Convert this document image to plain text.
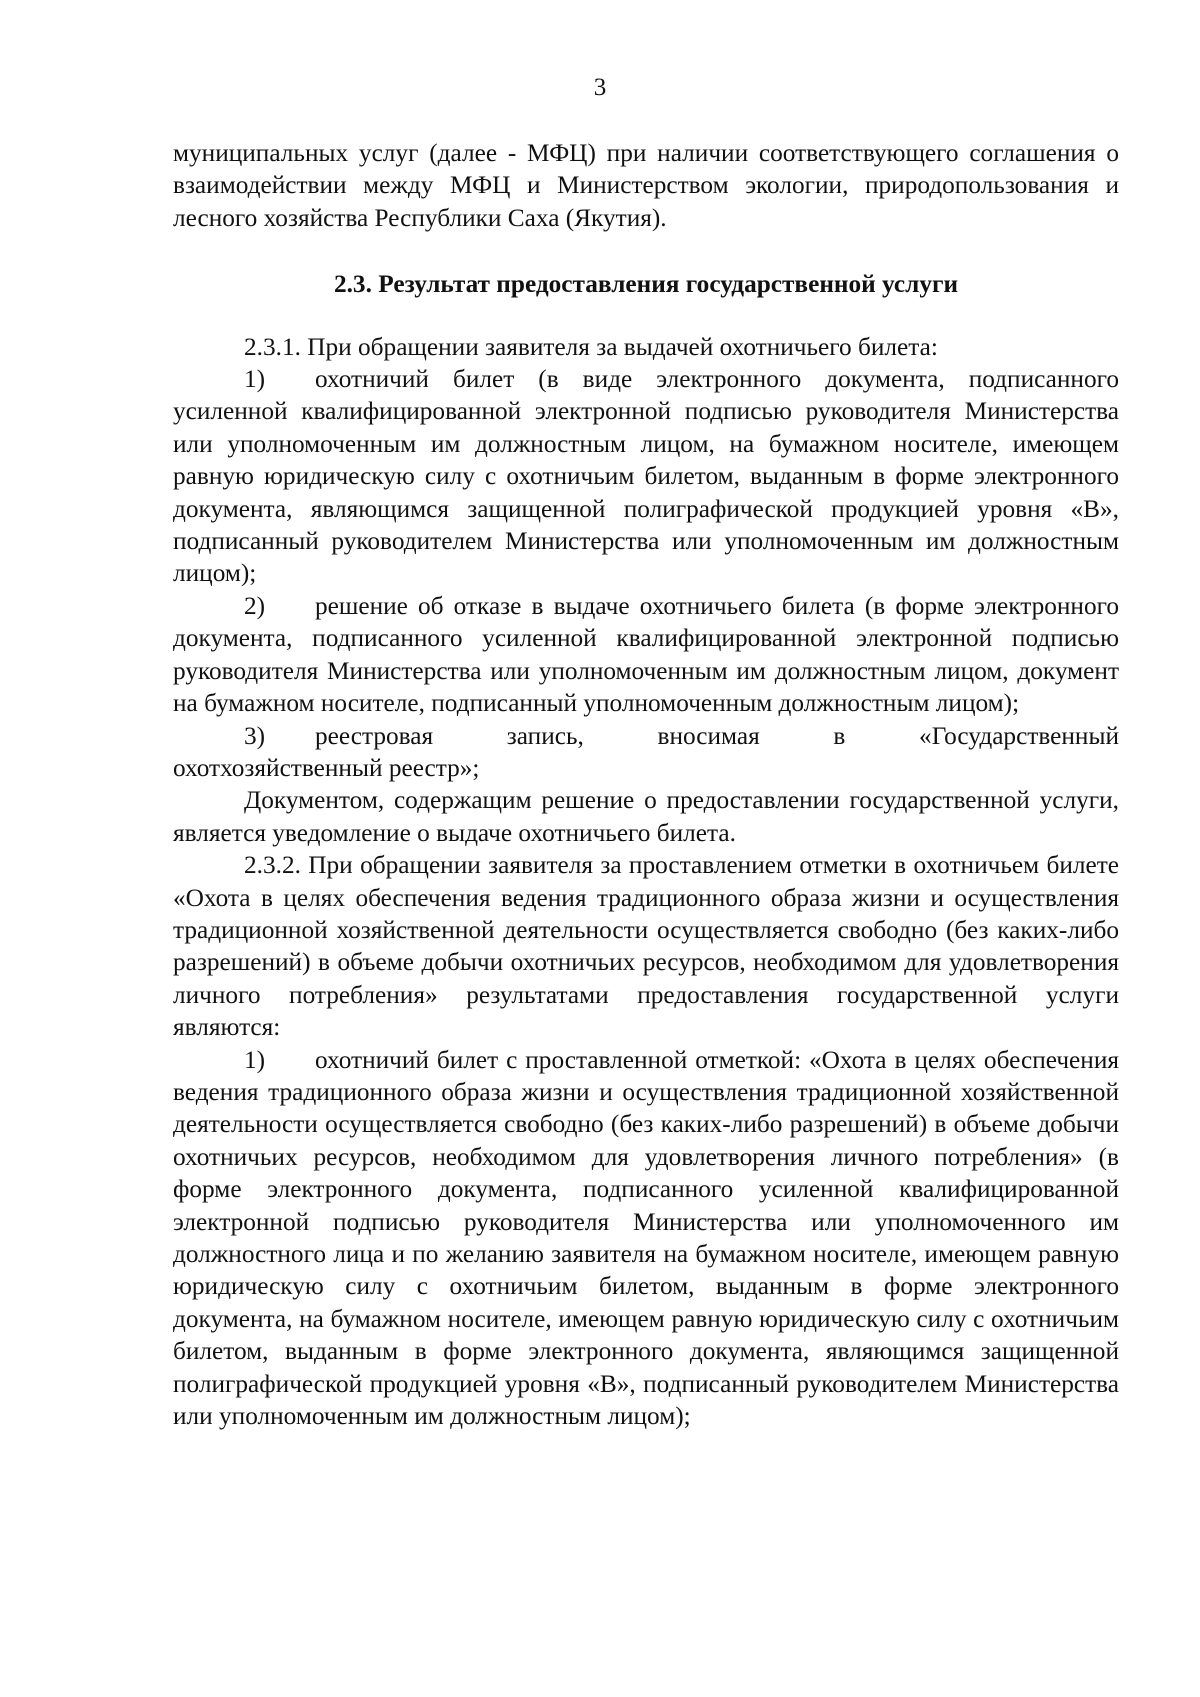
3

муниципальных услуг (далее - МФЦ) при наличии соответствующего соглашения о взаимодействии между МФЦ и Министерством экологии, природопользования и лесного хозяйства Республики Саха (Якутия).

2.3. Результат предоставления государственной услуги

2.3.1. При обращении заявителя за выдачей охотничьего билета:

1) охотничий билет (в виде электронного документа, подписанного усиленной квалифицированной электронной подписью руководителя Министерства или уполномоченным им должностным лицом, на бумажном носителе, имеющем равную юридическую силу с охотничьим билетом, выданным в форме электронного документа, являющимся защищенной полиграфической продукцией уровня «В», подписанный руководителем Министерства или уполномоченным им должностным лицом);

2) решение об отказе в выдаче охотничьего билета (в форме электронного документа, подписанного усиленной квалифицированной электронной подписью руководителя Министерства или уполномоченным им должностным лицом, документ на бумажном носителе, подписанный уполномоченным должностным лицом);

3) реестровая запись, вносимая в «Государственный

охотхозяйственный реестр»;

Документом, содержащим решение о предоставлении государственной услуги, является уведомление о выдаче охотничьего билета.

2.3.2. При обращении заявителя за проставлением отметки в охотничьем билете «Охота в целях обеспечения ведения традиционного образа жизни и осуществления традиционной хозяйственной деятельности осуществляется свободно (без каких-либо разрешений) в объеме добычи охотничьих ресурсов, необходимом для удовлетворения личного потребления» результатами предоставления государственной услуги являются:

1) охотничий билет с проставленной отметкой: «Охота в целях обеспечения ведения традиционного образа жизни и осуществления традиционной хозяйственной деятельности осуществляется свободно (без каких-либо разрешений) в объеме добычи охотничьих ресурсов, необходимом для удовлетворения личного потребления» (в форме электронного документа, подписанного усиленной квалифицированной электронной подписью руководителя Министерства или уполномоченного им должностного лица и по желанию заявителя на бумажном носителе, имеющем равную юридическую силу с охотничьим билетом, выданным в форме электронного документа, на бумажном носителе, имеющем равную юридическую силу с охотничьим билетом, выданным в форме электронного документа, являющимся защищенной полиграфической продукцией уровня «В», подписанный руководителем Министерства или уполномоченным им должностным лицом);
